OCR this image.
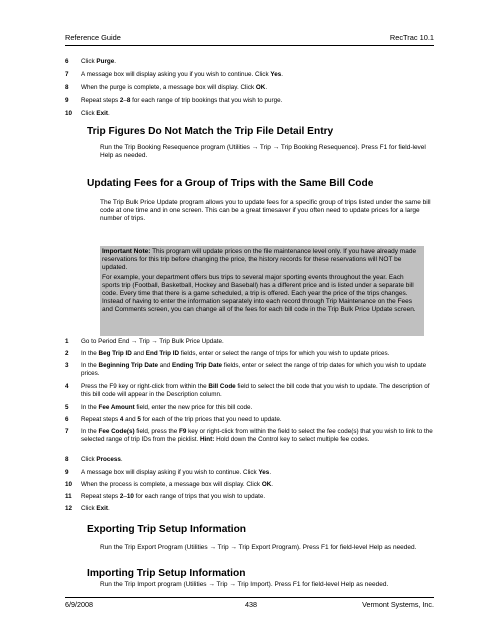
Reference Guide	RecTrac 10.1
6	Click Purge.
7	A message box will display asking you if you wish to continue. Click Yes.
8	When the purge is complete, a message box will display. Click OK.
9	Repeat steps 2–8 for each range of trip bookings that you wish to purge.
10	Click Exit.
Trip Figures Do Not Match the Trip File Detail Entry
Run the Trip Booking Resequence program (Utilities → Trip → Trip Booking Resequence). Press F1 for field-level Help as needed.
Updating Fees for a Group of Trips with the Same Bill Code
The Trip Bulk Price Update program allows you to update fees for a specific group of trips listed under the same bill code at one time and in one screen. This can be a great timesaver if you often need to update prices for a large number of trips.

Important Note: This program will update prices on the file maintenance level only. If you have already made reservations for this trip before changing the price, the history records for these reservations will NOT be updated.

For example, your department offers bus trips to several major sporting events throughout the year. Each sports trip (Football, Basketball, Hockey and Baseball) has a different price and is listed under a separate bill code. Every time that there is a game scheduled, a trip is offered. Each year the price of the trips changes. Instead of having to enter the information separately into each record through Trip Maintenance on the Fees and Comments screen, you can change all of the fees for each bill code in the Trip Bulk Price Update screen.

1	Go to Period End → Trip → Trip Bulk Price Update.
2	In the Beg Trip ID and End Trip ID fields, enter or select the range of trips for which you wish to update prices.
3	In the Beginning Trip Date and Ending Trip Date fields, enter or select the range of trip dates for which you wish to update prices.
4	Press the F9 key or right-click from within the Bill Code field to select the bill code that you wish to update. The description of this bill code will appear in the Description column.
5	In the Fee Amount field, enter the new price for this bill code.
6	Repeat steps 4 and 5 for each of the trip prices that you need to update.
7	In the Fee Code(s) field, press the F9 key or right-click from within the field to select the fee code(s) that you wish to link to the selected range of trip IDs from the picklist. Hint: Hold down the Control key to select multiple fee codes.
8	Click Process.
9	A message box will display asking if you wish to continue. Click Yes.
10	When the process is complete, a message box will display. Click OK.
11	Repeat steps 2–10 for each range of trips that you wish to update.
12	Click Exit.
Exporting Trip Setup Information
Run the Trip Export Program (Utilities → Trip → Trip Export Program). Press F1 for field-level Help as needed.
Importing Trip Setup Information
Run the Trip Import program (Utilities → Trip → Trip Import). Press F1 for field-level Help as needed.
6/9/2008	438	Vermont Systems, Inc.
